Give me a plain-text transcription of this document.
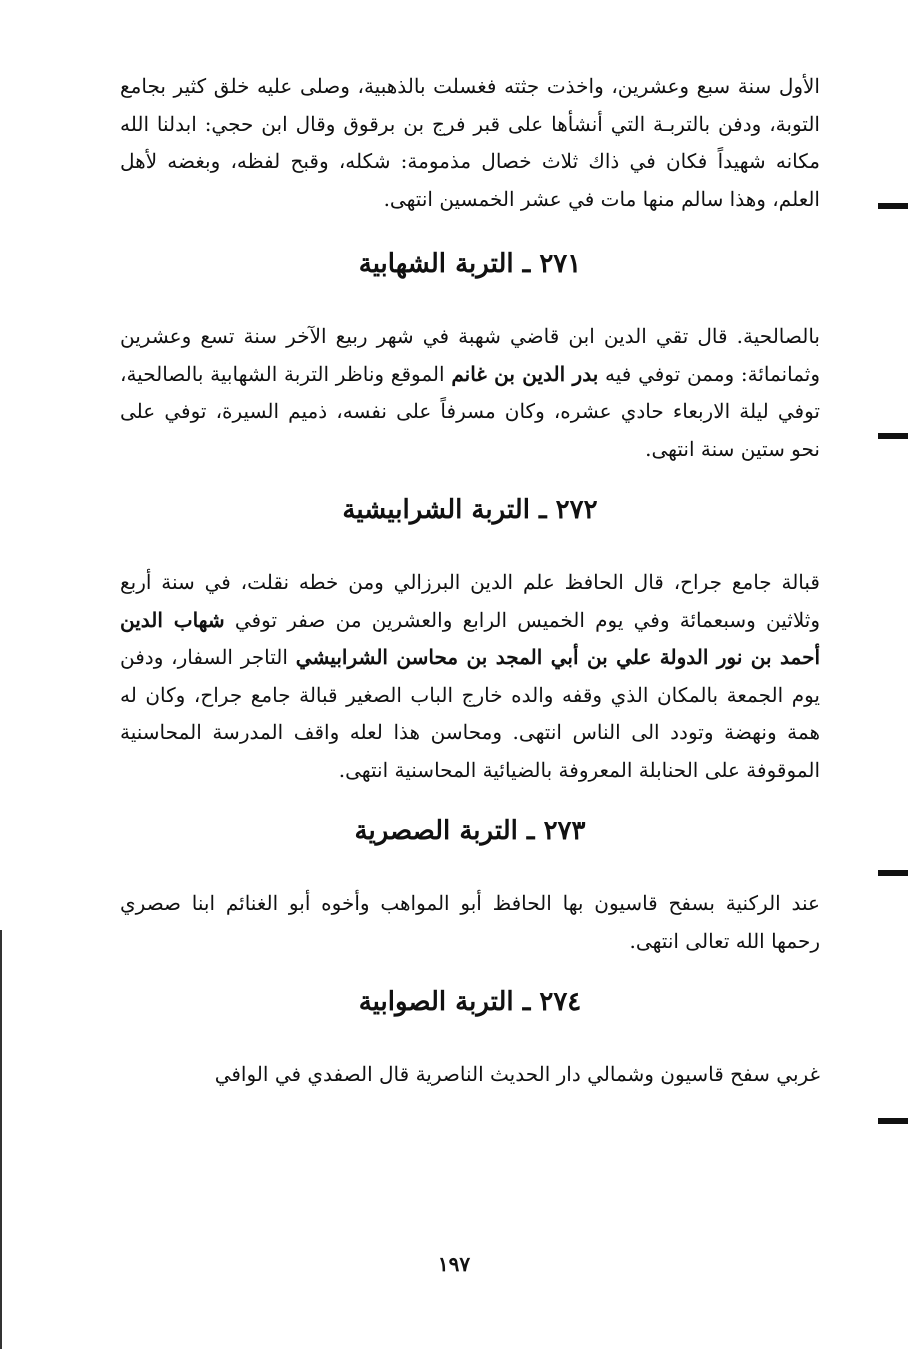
الأول سنة سبع وعشرين، واخذت جثته فغسلت بالذهبية، وصلى عليه خلق كثير بجامع التوبة، ودفن بالتربـة التي أنشأها على قبر فرج بن برقوق وقال ابن حجي: ابدلنا الله مكانه شهيداً فكان في ذاك ثلاث خصال مذمومة: شكله، وقبح لفظه، وبغضه لأهل العلم، وهذا سالم منها مات في عشر الخمسين انتهى.

٢٧١ ـ التربة الشهابية

بالصالحية. قال تقي الدين ابن قاضي شهبة في شهر ربيع الآخر سنة تسع وعشرين وثمانمائة: وممن توفي فيه بدر الدين بن غانم الموقع وناظر التربة الشهابية بالصالحية، توفي ليلة الاربعاء حادي عشره، وكان مسرفاً على نفسه، ذميم السيرة، توفي على نحو ستين سنة انتهى.

٢٧٢ ـ التربة الشرابيشية

قبالة جامع جراح، قال الحافظ علم الدين البرزالي ومن خطه نقلت، في سنة أربع وثلاثين وسبعمائة وفي يوم الخميس الرابع والعشرين من صفر توفي شهاب الدين أحمد بن نور الدولة علي بن أبي المجد بن محاسن الشرابيشي التاجر السفار، ودفن يوم الجمعة بالمكان الذي وقفه والده خارج الباب الصغير قبالة جامع جراح، وكان له همة ونهضة وتودد الى الناس انتهى. ومحاسن هذا لعله واقف المدرسة المحاسنية الموقوفة على الحنابلة المعروفة بالضيائية المحاسنية انتهى.

٢٧٣ ـ التربة الصصرية

عند الركنية بسفح قاسيون بها الحافظ أبو المواهب وأخوه أبو الغنائم ابنا صصري رحمها الله تعالى انتهى.

٢٧٤ ـ التربة الصوابية

غربي سفح قاسيون وشمالي دار الحديث الناصرية قال الصفدي في الوافي

١٩٧
